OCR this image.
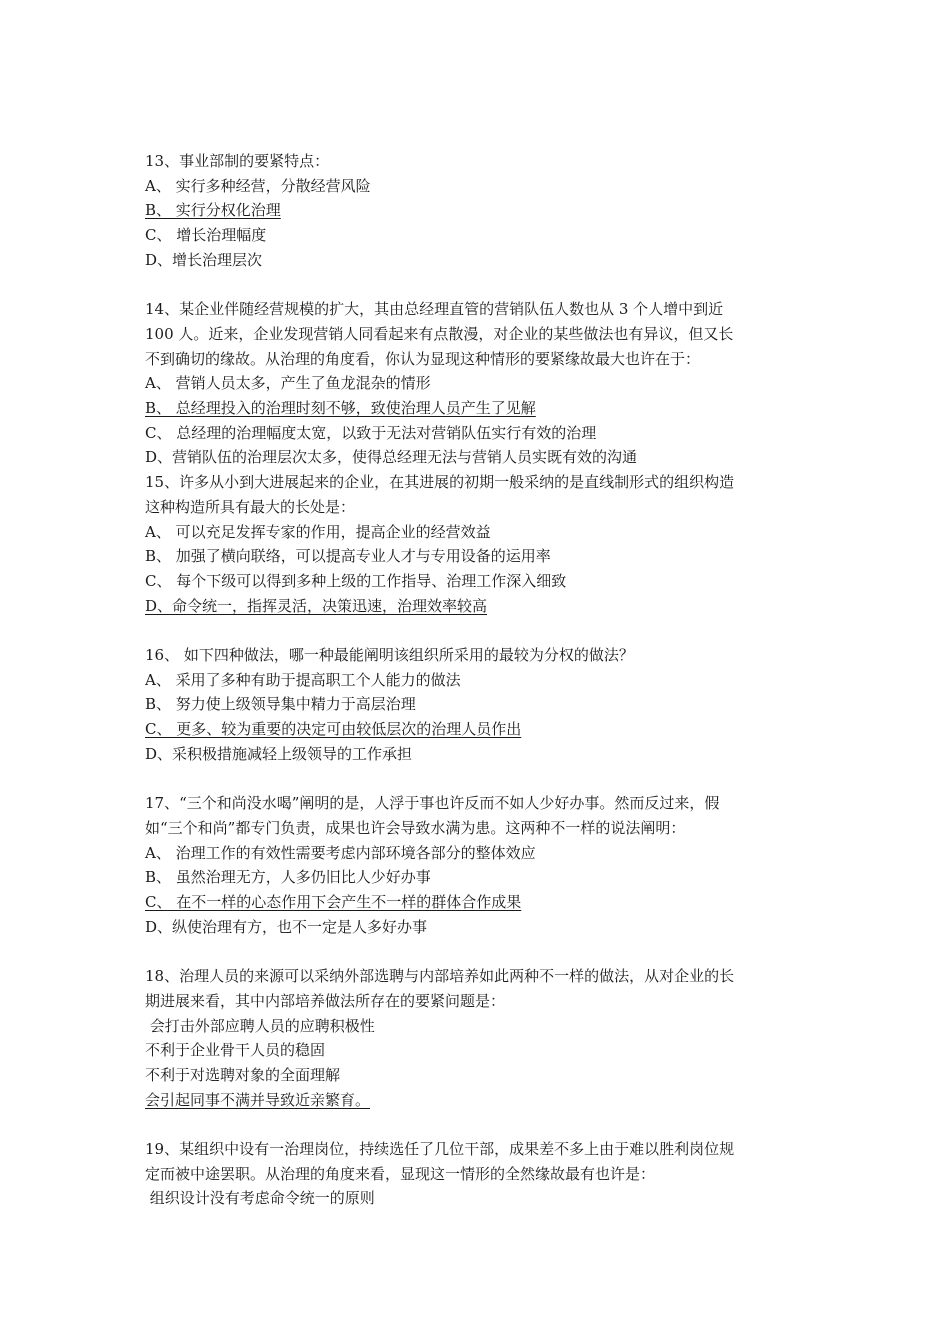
13、事业部制的要紧特点：
A、 实行多种经营，分散经营风险
B、 实行分权化治理
C、 增长治理幅度
D、增长治理层次
14、某企业伴随经营规模的扩大，其由总经理直管的营销队伍人数也从 3 个人增中到近
100 人。近来，企业发现营销人同看起来有点散漫，对企业的某些做法也有异议，但又长
不到确切的缘故。从治理的角度看，你认为显现这种情形的要紧缘故最大也许在于：
A、 营销人员太多，产生了鱼龙混杂的情形
B、 总经理投入的治理时刻不够，致使治理人员产生了见解
C、 总经理的治理幅度太宽，以致于无法对营销队伍实行有效的治理
D、营销队伍的治理层次太多，使得总经理无法与营销人员实既有效的沟通
15、许多从小到大进展起来的企业，在其进展的初期一般采纳的是直线制形式的组织构造
这种构造所具有最大的长处是：
A、 可以充足发挥专家的作用，提高企业的经营效益
B、 加强了横向联络，可以提高专业人才与专用设备的运用率
C、 每个下级可以得到多种上级的工作指导、治理工作深入细致
D、命令统一，指挥灵活，决策迅速，治理效率较高
16、 如下四种做法，哪一种最能阐明该组织所采用的最较为分权的做法？
A、 采用了多种有助于提高职工个人能力的做法
B、 努力使上级领导集中精力于高层治理
C、 更多、较为重要的决定可由较低层次的治理人员作出
D、采积极措施减轻上级领导的工作承担
17、“三个和尚没水喝”阐明的是，人浮于事也许反而不如人少好办事。然而反过来，假
如“三个和尚”都专门负责，成果也许会导致水满为患。这两种不一样的说法阐明：
A、 治理工作的有效性需要考虑内部环境各部分的整体效应
B、 虽然治理无方，人多仍旧比人少好办事
C、 在不一样的心态作用下会产生不一样的群体合作成果
D、纵使治理有方，也不一定是人多好办事
18、治理人员的来源可以采纳外部选聘与内部培养如此两种不一样的做法，从对企业的长
期进展来看，其中内部培养做法所存在的要紧问题是：
会打击外部应聘人员的应聘积极性
不利于企业骨干人员的稳固
不利于对选聘对象的全面理解
会引起同事不满并导致近亲繁育。
19、某组织中设有一治理岗位，持续选任了几位干部，成果差不多上由于难以胜利岗位规
定而被中途罢职。从治理的角度来看，显现这一情形的全然缘故最有也许是：
组织设计没有考虑命令统一的原则
